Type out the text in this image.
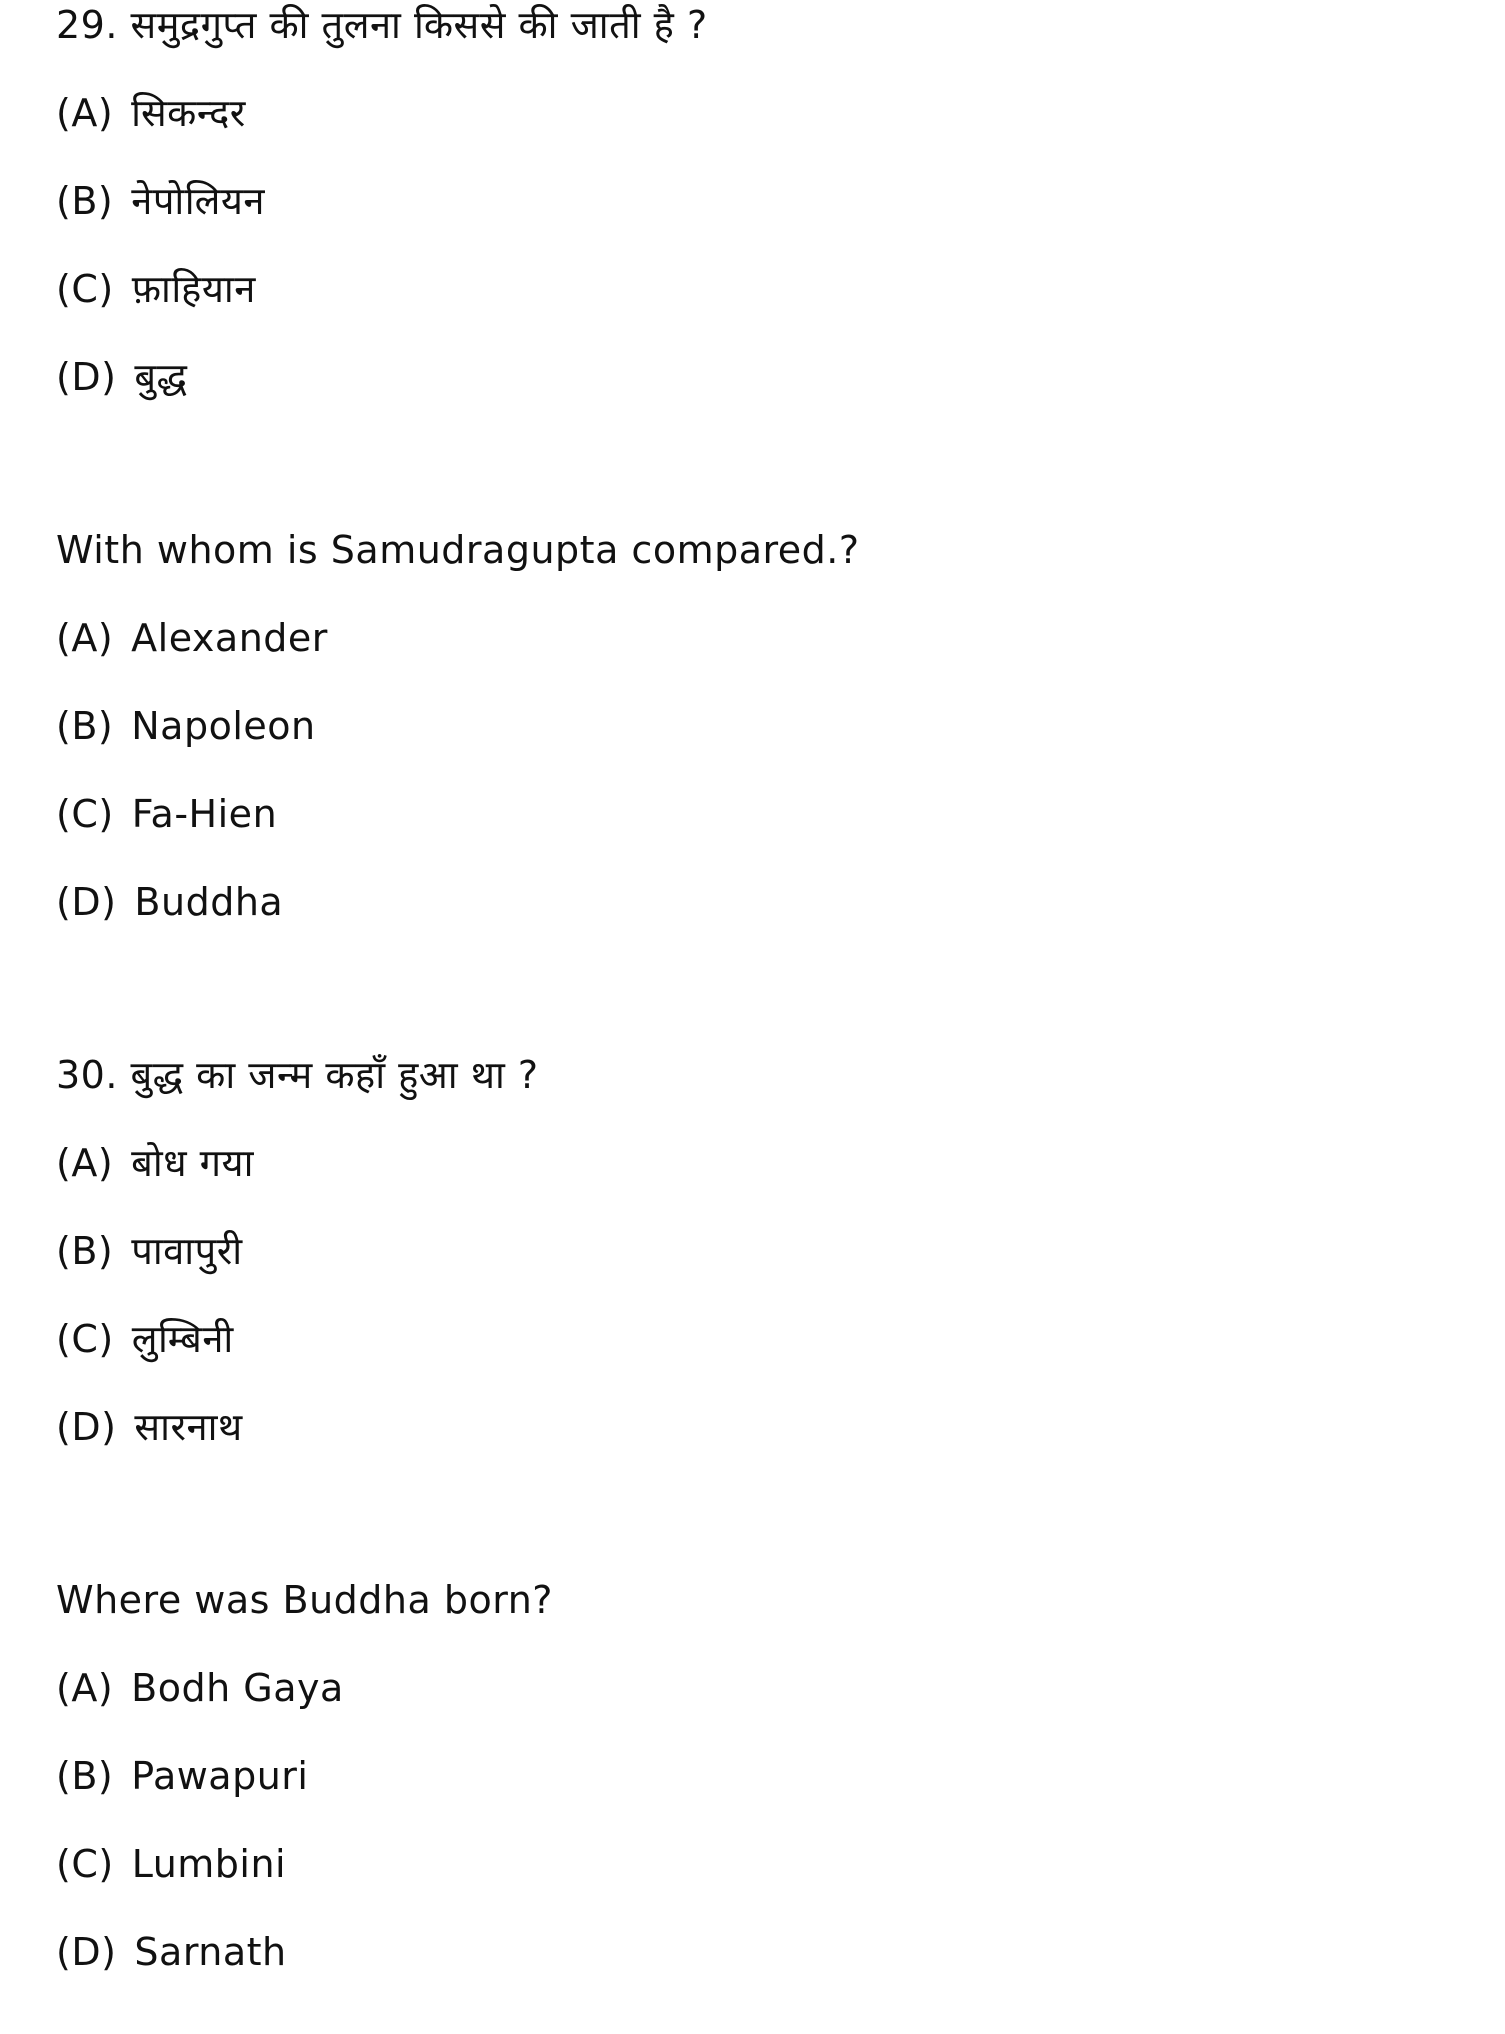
29. समुद्रगुप्त की तुलना किससे की जाती है ?
(A) सिकन्दर
(B) नेपोलियन
(C) फ़ाहियान
(D) बुद्ध
With whom is Samudragupta compared.?
(A) Alexander
(B) Napoleon
(C) Fa-Hien
(D) Buddha
30. बुद्ध का जन्म कहाँ हुआ था ?
(A) बोध गया
(B) पावापुरी
(C) लुम्बिनी
(D) सारनाथ
Where was Buddha born?
(A) Bodh Gaya
(B) Pawapuri
(C) Lumbini
(D) Sarnath
